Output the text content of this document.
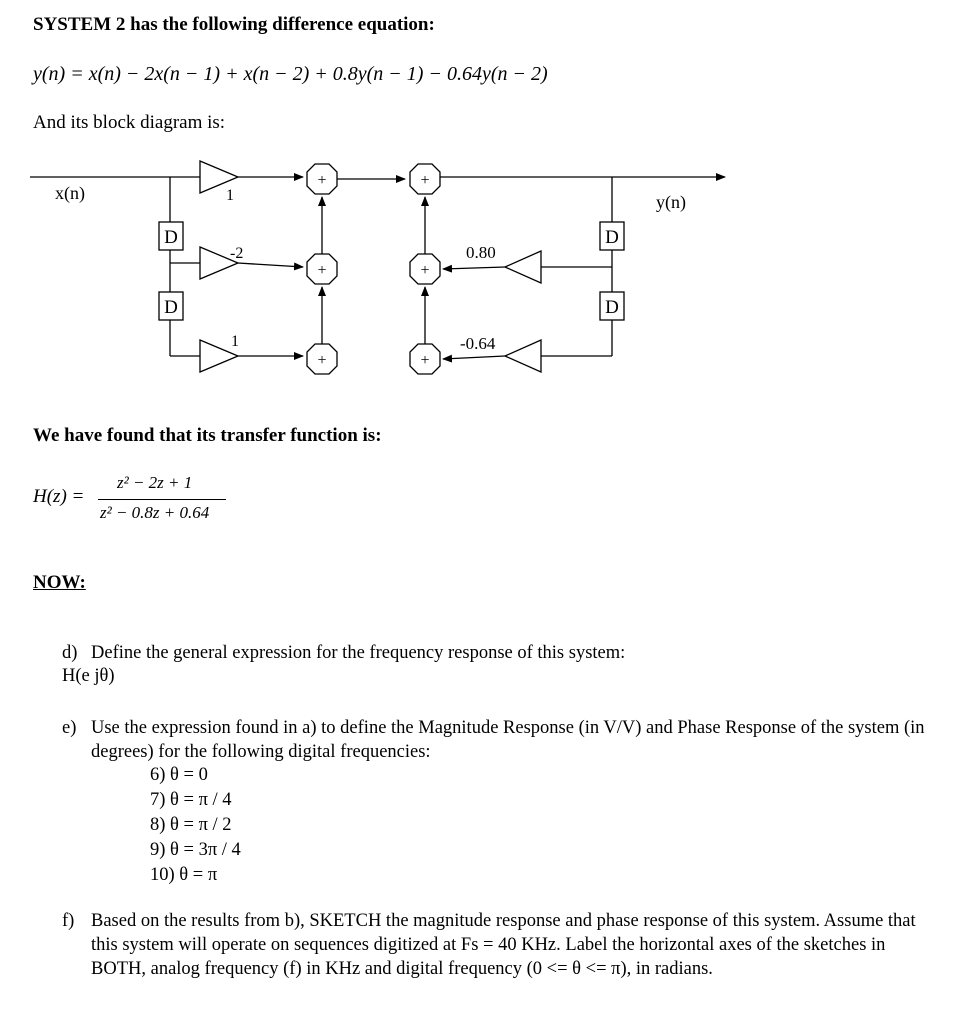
SYSTEM 2 has the following difference equation:
y(n) = x(n) − 2x(n − 1) + x(n − 2) + 0.8y(n − 1) − 0.64y(n − 2)
And its block diagram is:
x(n)	y(n)
D
D
D
D
1
-2
1
0.80
-0.64
+
+
+
+
+
+
We have found that its transfer function is:
H(z) =
z² − 2z + 1
z² − 0.8z + 0.64
NOW:
d) Define the general expression for the frequency response of this system:
H(e jθ)
e) Use the expression found in a) to define the Magnitude Response (in V/V) and Phase Response of the system (in degrees) for the following digital frequencies:
6) θ = 0
7) θ = π / 4
8) θ = π / 2
9) θ = 3π / 4
10) θ = π
f) Based on the results from b), SKETCH the magnitude response and phase response of this system. Assume that this system will operate on sequences digitized at Fs = 40 KHz. Label the horizontal axes of the sketches in BOTH, analog frequency (f) in KHz and digital frequency (0 <= θ <= π), in radians.
